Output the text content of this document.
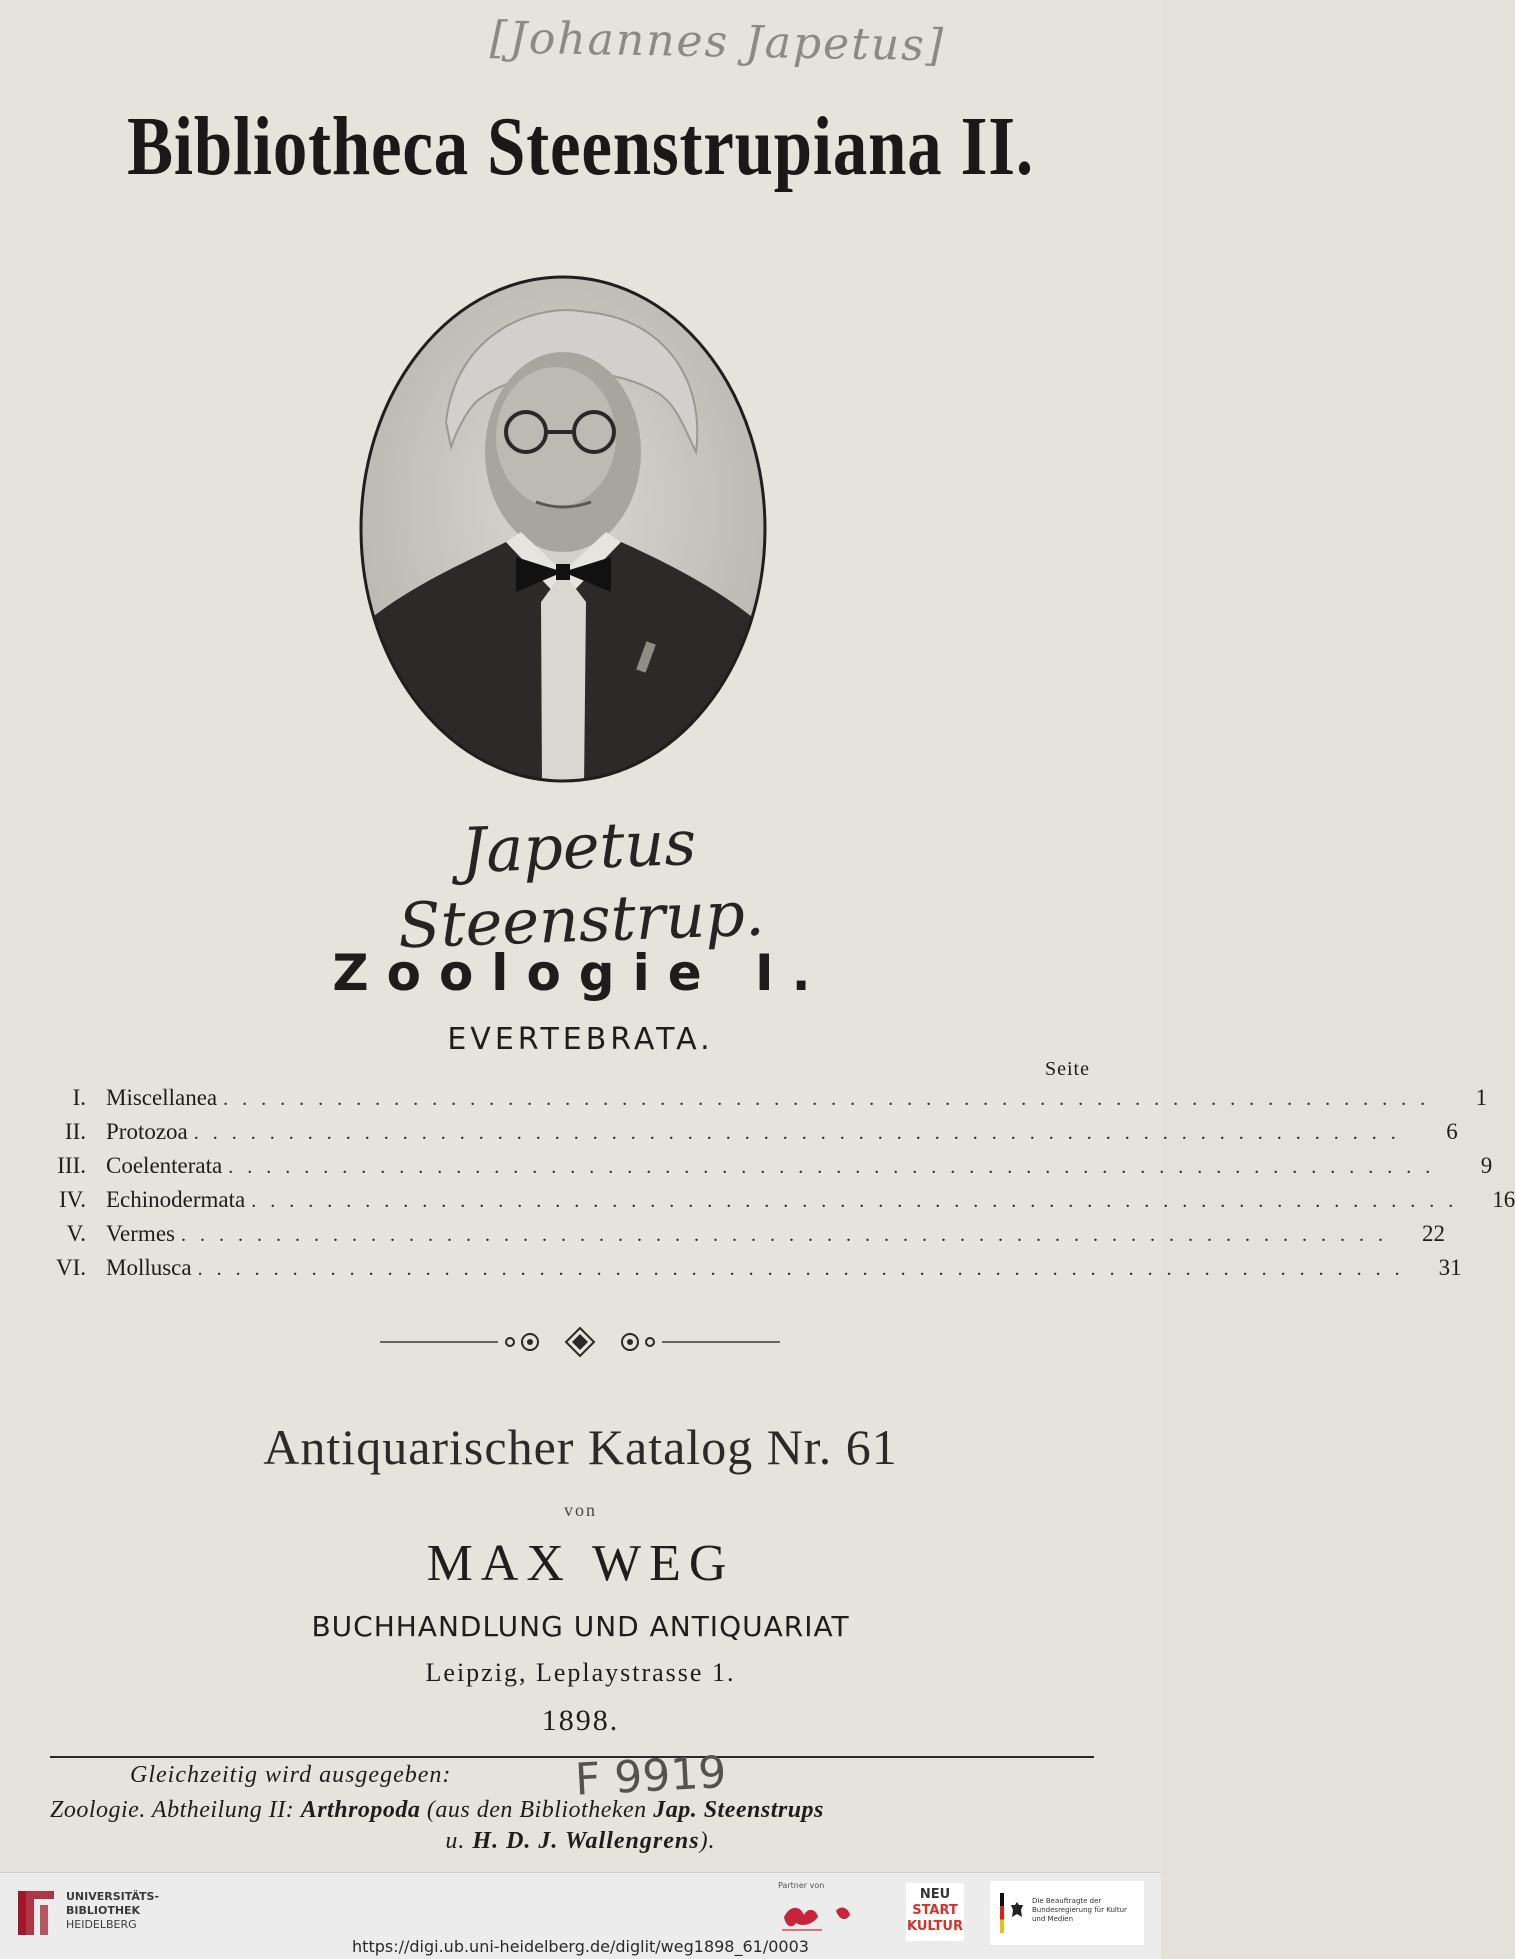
[Johannes Japetus]
Bibliotheca Steenstrupiana II.
Japetus Steenstrup.
Zoologie I.
EVERTEBRATA.
Seite
I. Miscellanea ................................................................	1
II. Protozoa ................................................................	6
III. Coelenterata ................................................................	9
IV. Echinodermata ................................................................	16
V. Vermes ................................................................	22
VI. Mollusca ................................................................	31
Antiquarischer Katalog Nr. 61
von
MAX WEG
BUCHHANDLUNG UND ANTIQUARIAT
Leipzig, Leplaystrasse 1.
1898.
F 9919
Gleichzeitig wird ausgegeben:
Zoologie. Abtheilung II: Arthropoda (aus den Bibliotheken Jap. Steenstrups
u. H. D. J. Wallengrens).
UNIVERSITÄTS-
BIBLIOTHEK
HEIDELBERG
Partner von
NEU
START
KULTUR
Die Beauftragte der Bundesregierung für Kultur und Medien
https://digi.ub.uni-heidelberg.de/diglit/weg1898_61/0003
